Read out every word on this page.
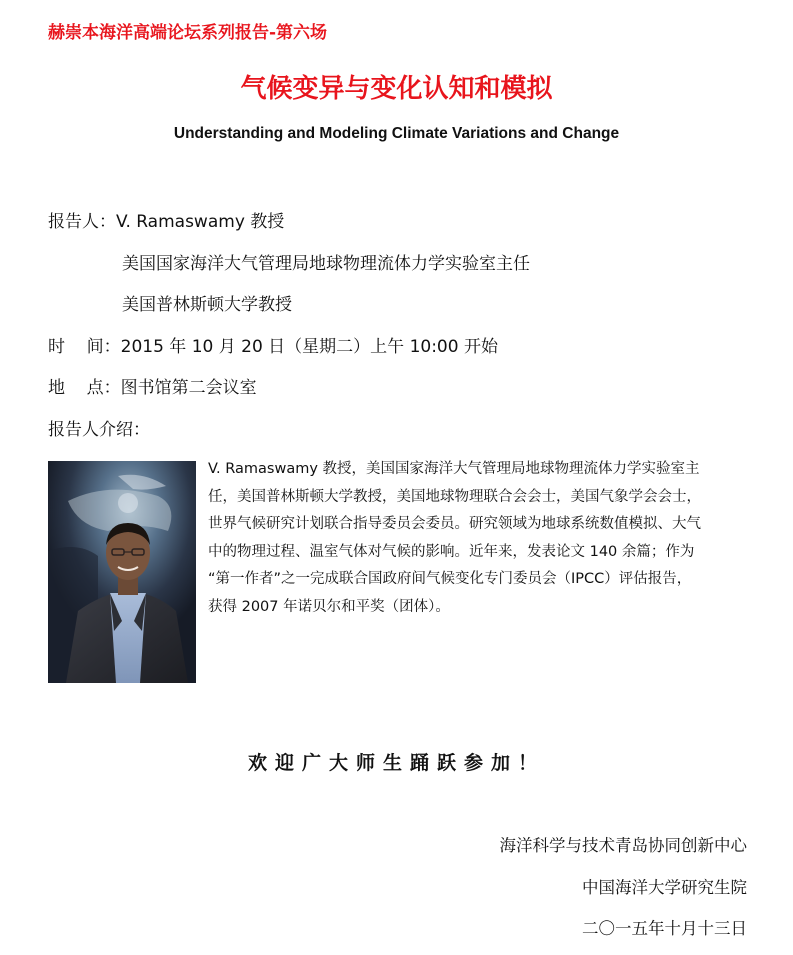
赫崇本海洋高端论坛系列报告-第六场
气候变异与变化认知和模拟
Understanding and Modeling Climate Variations and Change
报告人：V. Ramaswamy 教授
美国国家海洋大气管理局地球物理流体力学实验室主任
美国普林斯顿大学教授
时    间：2015 年 10 月 20 日（星期二）上午 10:00 开始
地    点：图书馆第二会议室
报告人介绍：
V. Ramaswamy 教授，美国国家海洋大气管理局地球物理流体力学实验室主
任，美国普林斯顿大学教授，美国地球物理联合会会士，美国气象学会会士，
世界气候研究计划联合指导委员会委员。研究领域为地球系统数值模拟、大气
中的物理过程、温室气体对气候的影响。近年来，发表论文 140 余篇；作为
“第一作者”之一完成联合国政府间气候变化专门委员会（IPCC）评估报告，
获得 2007 年诺贝尔和平奖（团体）。
欢迎广大师生踊跃参加！
海洋科学与技术青岛协同创新中心
中国海洋大学研究生院
二〇一五年十月十三日
